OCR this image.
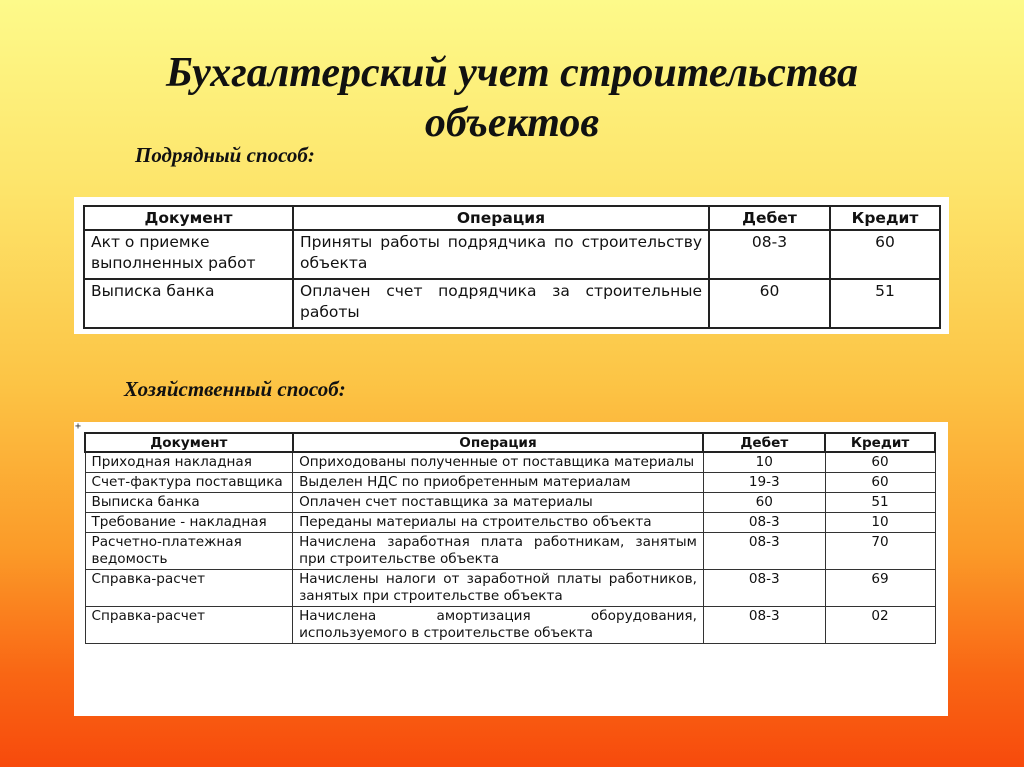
Бухгалтерский учет строительства
объектов
Подрядный способ:
Документ	Операция	Дебет	Кредит
Акт о приемке выполненных работ	Приняты работы подрядчика по строительству объекта	08-3	60
Выписка банка	Оплачен счет подрядчика за строительные работы	60	51
Хозяйственный способ:
+
Документ	Операция	Дебет	Кредит
Приходная накладная	Оприходованы полученные от поставщика материалы	10	60
Счет-фактура поставщика	Выделен НДС по приобретенным материалам	19-3	60
Выписка банка	Оплачен счет поставщика за материалы	60	51
Требование - накладная	Переданы материалы на строительство объекта	08-3	10
Расчетно-платежная ведомость	Начислена заработная плата работникам, занятым при строительстве объекта	08-3	70
Справка-расчет	Начислены налоги от заработной платы работников, занятых при строительстве объекта	08-3	69
Справка-расчет	Начислена амортизация оборудования, используемого в строительстве объекта	08-3	02
